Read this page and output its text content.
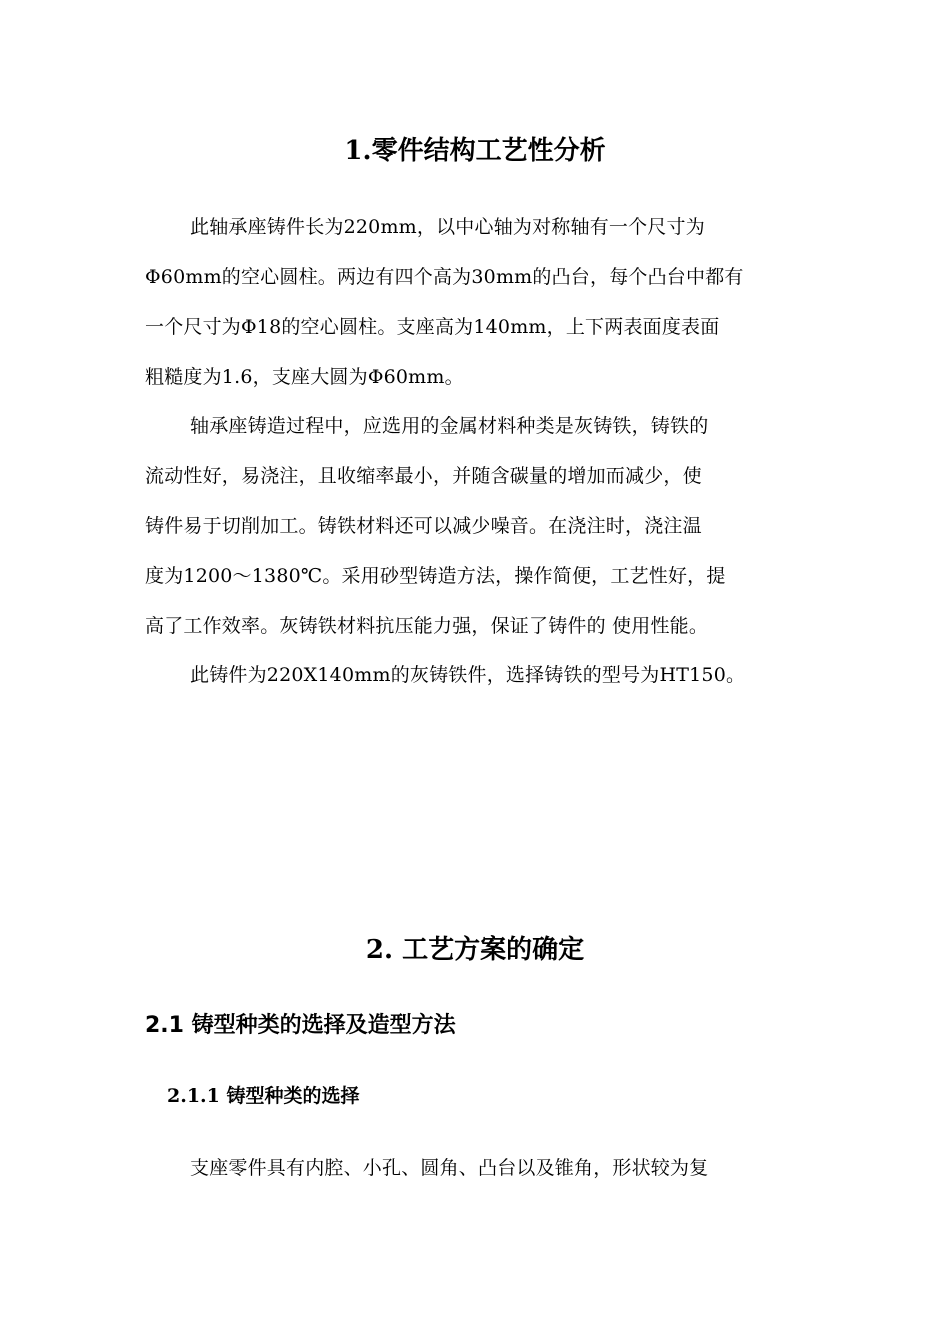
1.零件结构工艺性分析
此轴承座铸件长为220mm，以中心轴为对称轴有一个尺寸为
Φ60mm的空心圆柱。两边有四个高为30mm的凸台，每个凸台中都有
一个尺寸为Φ18的空心圆柱。支座高为140mm，上下两表面度表面
粗糙度为1.6，支座大圆为Φ60mm。
轴承座铸造过程中，应选用的金属材料种类是灰铸铁，铸铁的
流动性好，易浇注，且收缩率最小，并随含碳量的增加而减少，使
铸件易于切削加工。铸铁材料还可以减少噪音。在浇注时，浇注温
度为1200～1380℃。采用砂型铸造方法，操作简便，工艺性好，提
高了工作效率。灰铸铁材料抗压能力强，保证了铸件的 使用性能。
此铸件为220X140mm的灰铸铁件，选择铸铁的型号为HT150。
2. 工艺方案的确定
2.1 铸型种类的选择及造型方法
2.1.1 铸型种类的选择
支座零件具有内腔、小孔、圆角、凸台以及锥角，形状较为复
